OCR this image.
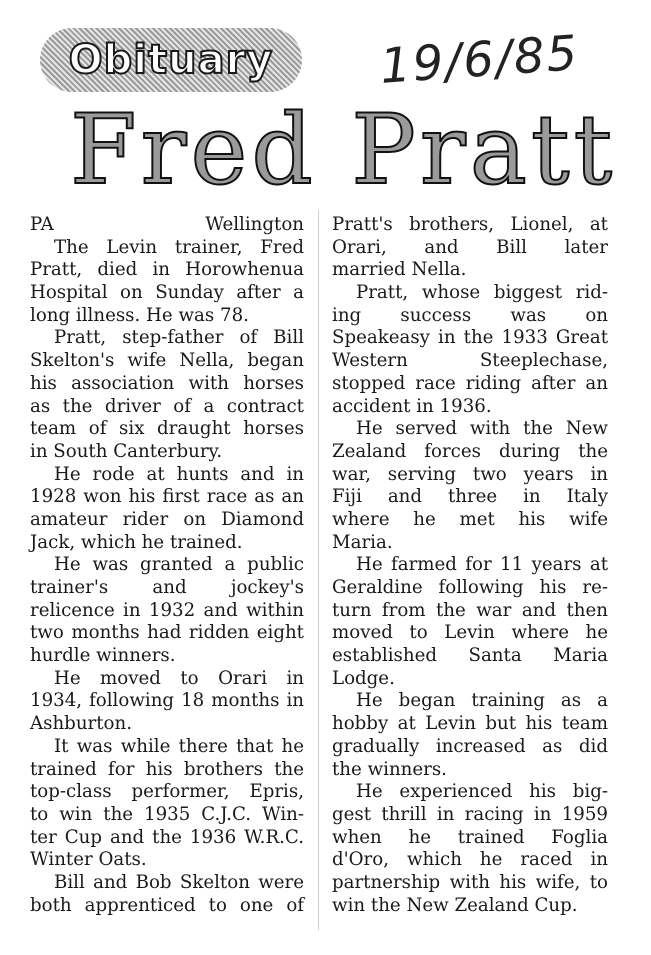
Obituary 19/6/85
Fred Pratt
PA	Wellington
The Levin trainer, Fred
Pratt, died in Horowhenua
Hospital on Sunday after a
long illness. He was 78.
Pratt, step-father of Bill
Skelton's wife Nella, began
his association with horses
as the driver of a contract
team of six draught horses
in South Canterbury.
He rode at hunts and in
1928 won his first race as an
amateur rider on Diamond
Jack, which he trained.
He was granted a public
trainer's and jockey's
relicence in 1932 and within
two months had ridden eight
hurdle winners.
He moved to Orari in
1934, following 18 months in
Ashburton.
It was while there that he
trained for his brothers the
top-class performer, Epris,
to win the 1935 C.J.C. Win-
ter Cup and the 1936 W.R.C.
Winter Oats.
Bill and Bob Skelton were
both apprenticed to one of
Pratt's brothers, Lionel, at
Orari, and Bill later
married Nella.
Pratt, whose biggest rid-
ing success was on
Speakeasy in the 1933 Great
Western Steeplechase,
stopped race riding after an
accident in 1936.
He served with the New
Zealand forces during the
war, serving two years in
Fiji and three in Italy
where he met his wife
Maria.
He farmed for 11 years at
Geraldine following his re-
turn from the war and then
moved to Levin where he
established Santa Maria
Lodge.
He began training as a
hobby at Levin but his team
gradually increased as did
the winners.
He experienced his big-
gest thrill in racing in 1959
when he trained Foglia
d'Oro, which he raced in
partnership with his wife, to
win the New Zealand Cup.
